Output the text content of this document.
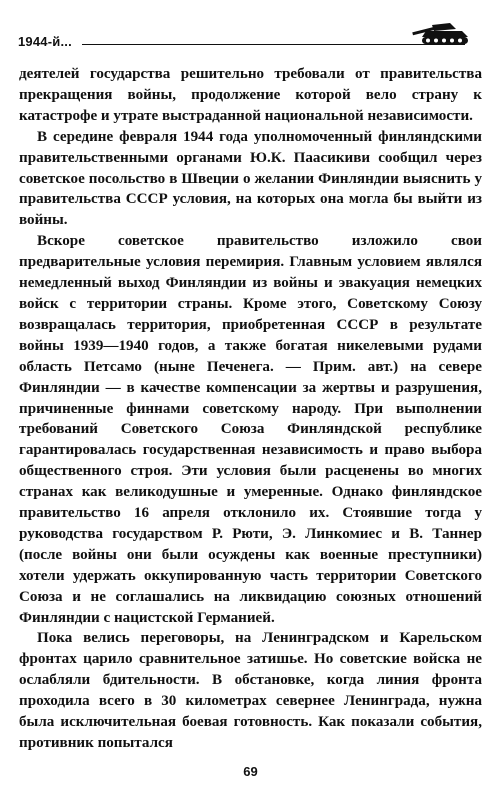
1944-й...

деятелей государства решительно требовали от правительства прекращения войны, продолжение которой вело страну к катастрофе и утрате выстраданной национальной независимости.

В середине февраля 1944 года уполномоченный финляндскими правительственными органами Ю.К. Паасикиви сообщил через советское посольство в Швеции о желании Финляндии выяснить у правительства СССР условия, на которых она могла бы выйти из войны.

Вскоре советское правительство изложило свои предварительные условия перемирия. Главным условием являлся немедленный выход Финляндии из войны и эвакуация немецких войск с территории страны. Кроме этого, Советскому Союзу возвращалась территория, приобретенная СССР в результате войны 1939—1940 годов, а также богатая никелевыми рудами область Петсамо (ныне Печенега. — Прим. авт.) на севере Финляндии — в качестве компенсации за жертвы и разрушения, причиненные финнами советскому народу. При выполнении требований Советского Союза Финляндской республике гарантировалась государственная независимость и право выбора общественного строя. Эти условия были расценены во многих странах как великодушные и умеренные. Однако финляндское правительство 16 апреля отклонило их. Стоявшие тогда у руководства государством Р. Рюти, Э. Линкомиес и В. Таннер (после войны они были осуждены как военные преступники) хотели удержать оккупированную часть территории Советского Союза и не соглашались на ликвидацию союзных отношений Финляндии с нацистской Германией.

Пока велись переговоры, на Ленинградском и Карельском фронтах царило сравнительное затишье. Но советские войска не ослабляли бдительности. В обстановке, когда линия фронта проходила всего в 30 километрах севернее Ленинграда, нужна была исключительная боевая готовность. Как показали события, противник попытался

69
